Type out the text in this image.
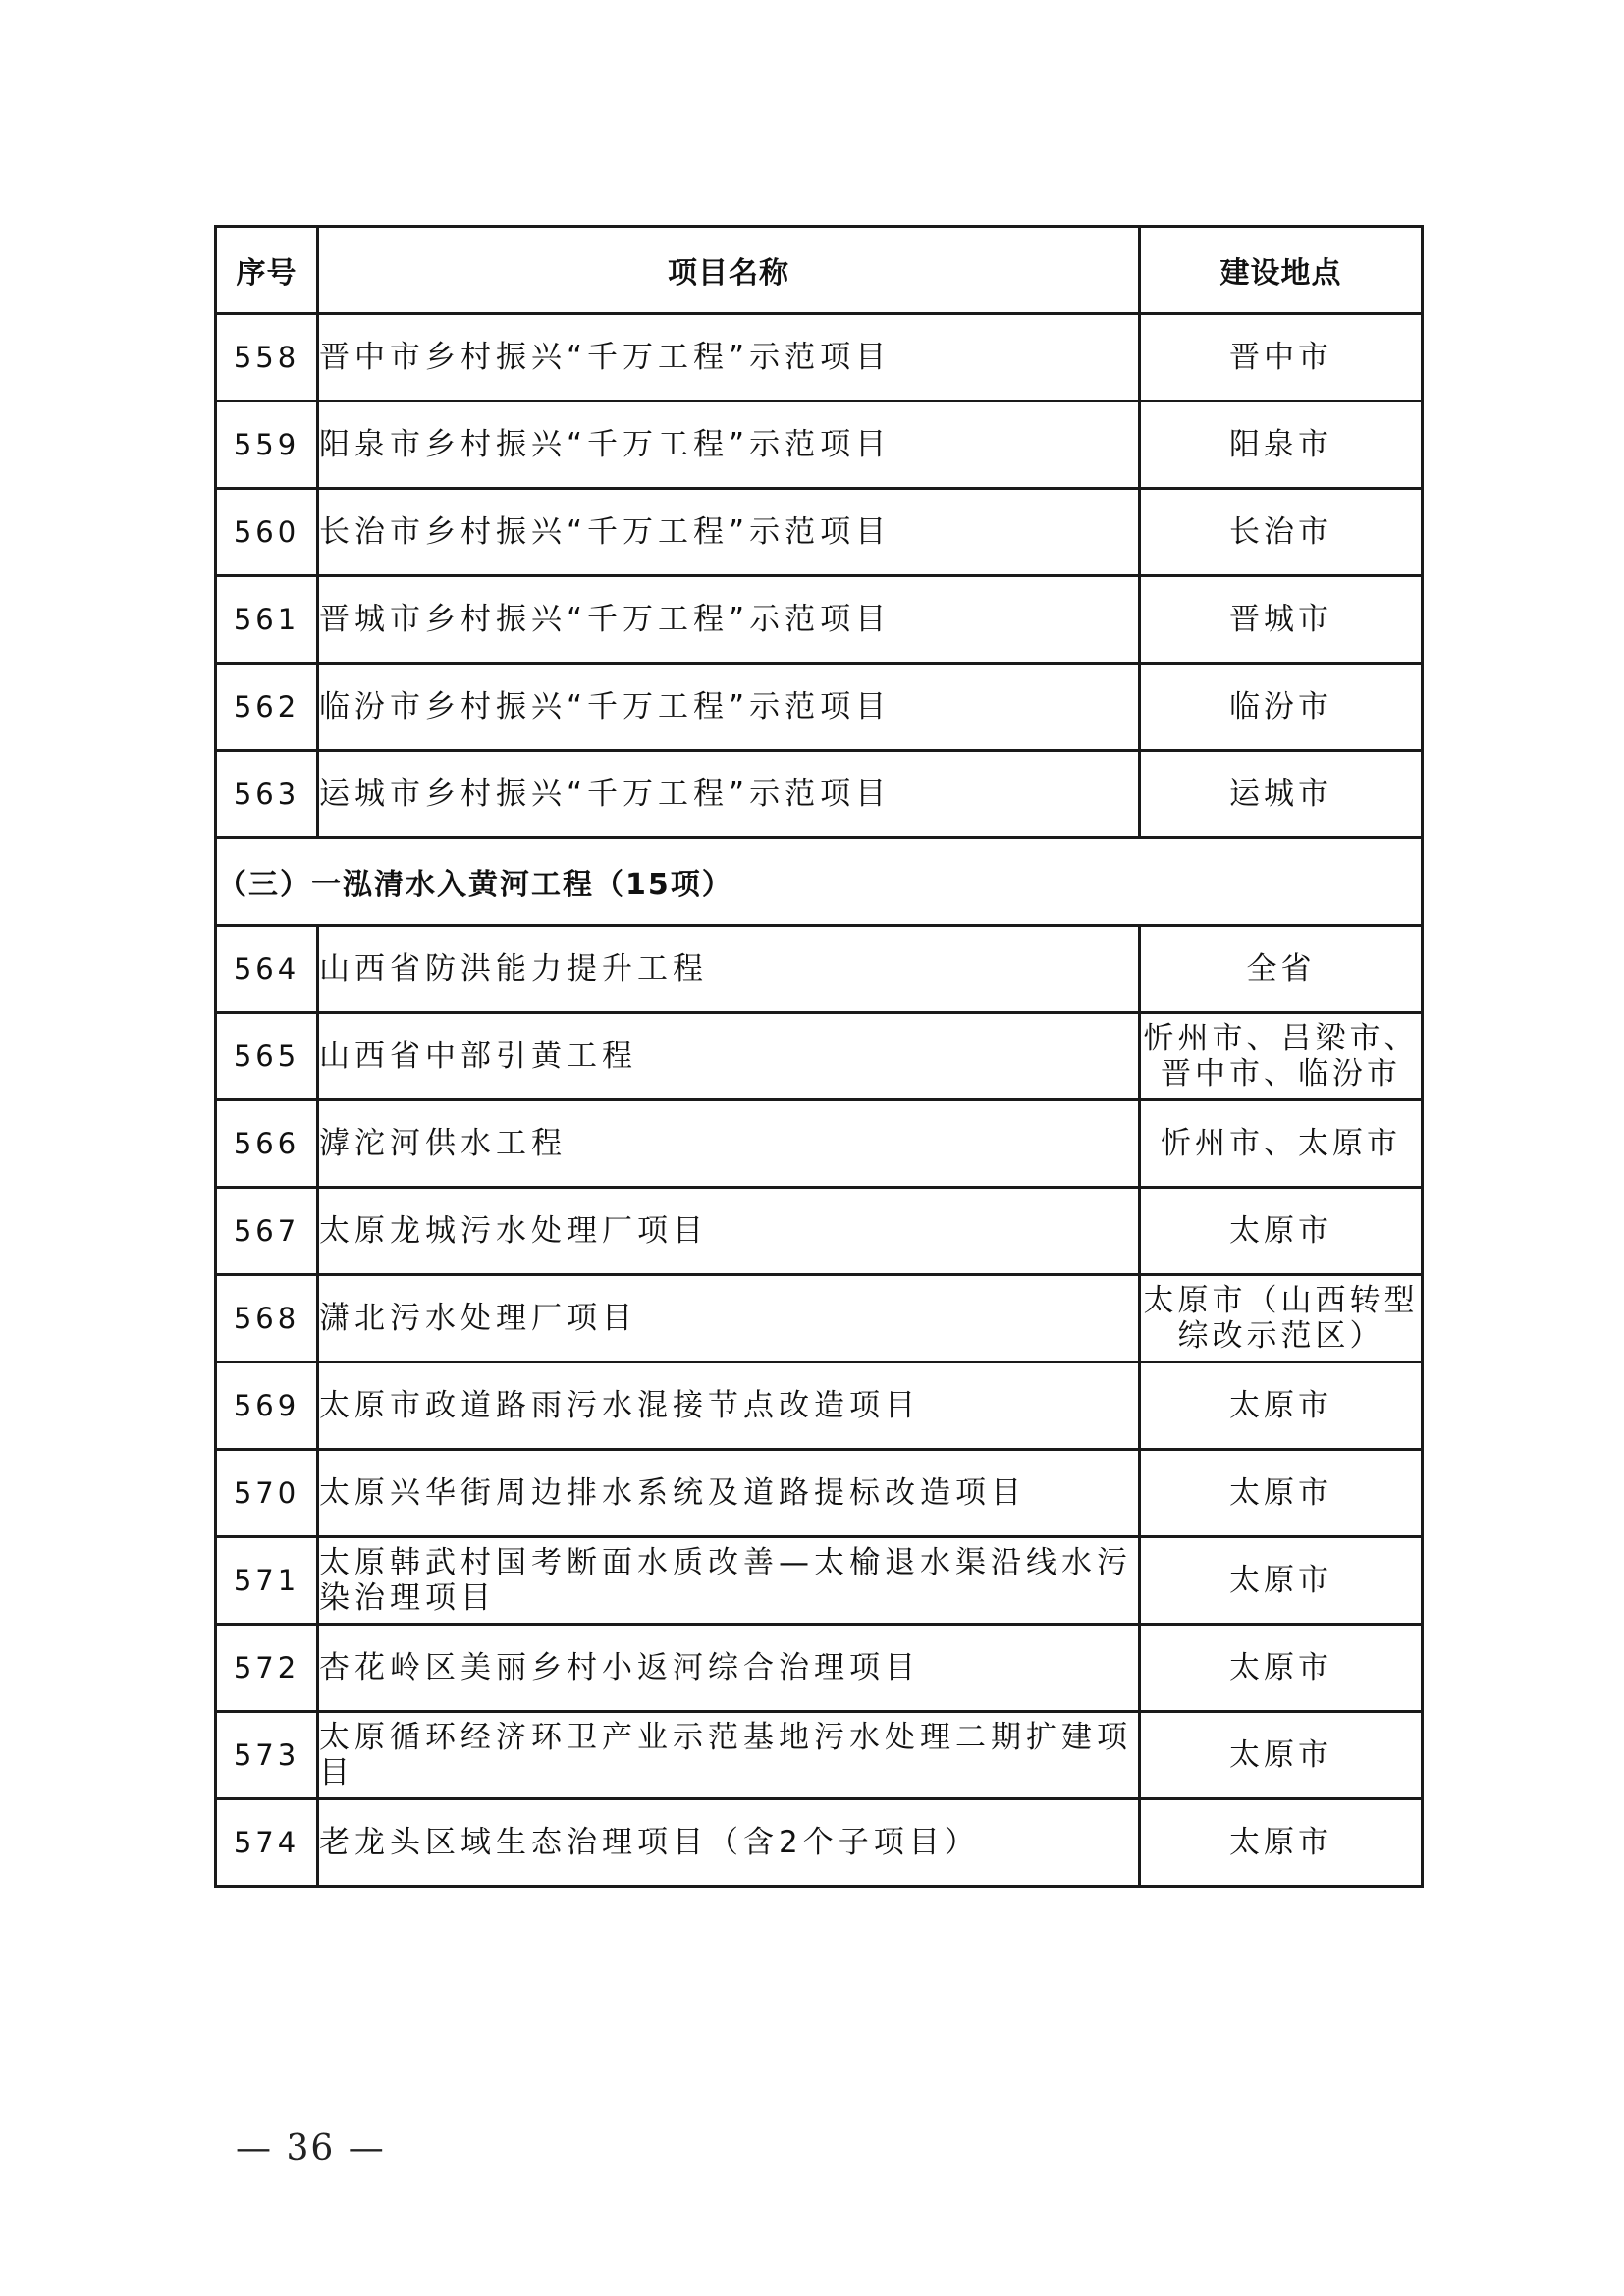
序号	项目名称	建设地点
558	晋中市乡村振兴“千万工程”示范项目	晋中市
559	阳泉市乡村振兴“千万工程”示范项目	阳泉市
560	长治市乡村振兴“千万工程”示范项目	长治市
561	晋城市乡村振兴“千万工程”示范项目	晋城市
562	临汾市乡村振兴“千万工程”示范项目	临汾市
563	运城市乡村振兴“千万工程”示范项目	运城市
（三）一泓清水入黄河工程（15项）		
564	山西省防洪能力提升工程	全省
565	山西省中部引黄工程	忻州市、吕梁市、晋中市、临汾市
566	滹沱河供水工程	忻州市、太原市
567	太原龙城污水处理厂项目	太原市
568	潇北污水处理厂项目	太原市（山西转型综改示范区）
569	太原市政道路雨污水混接节点改造项目	太原市
570	太原兴华街周边排水系统及道路提标改造项目	太原市
571	太原韩武村国考断面水质改善—太榆退水渠沿线水污染治理项目	太原市
572	杏花岭区美丽乡村小返河综合治理项目	太原市
573	太原循环经济环卫产业示范基地污水处理二期扩建项目	太原市
574	老龙头区域生态治理项目（含2个子项目）	太原市
— 36 —
